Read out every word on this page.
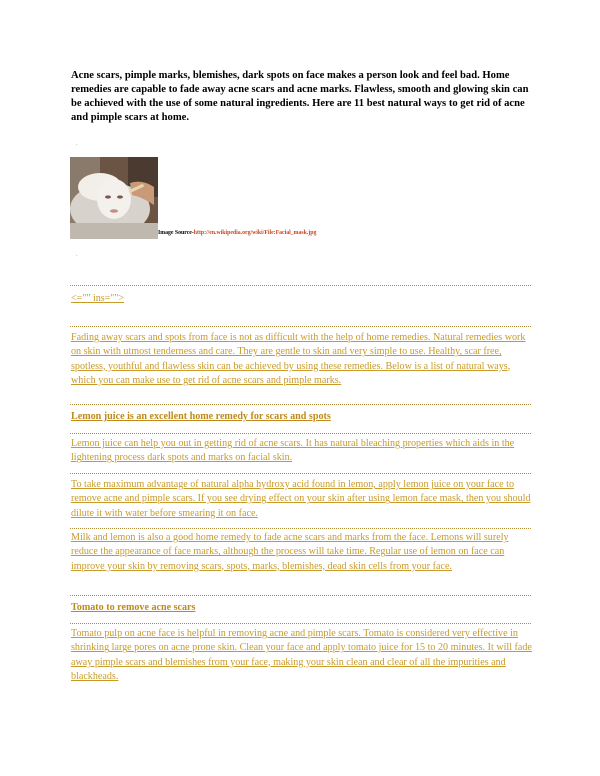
Acne scars, pimple marks, blemishes, dark spots on face makes a person look and feel bad. Home remedies are capable to fade away acne scars and acne marks. Flawless, smooth and glowing skin can be achieved with the use of some natural ingredients. Here are 11 best natural ways to get rid of acne and pimple scars at home.

.
Image Source-http://en.wikipedia.org/wiki/File:Facial_mask.jpg
.
<="" ins="">

Fading away scars and spots from face is not as difficult with the help of home remedies. Natural remedies work on skin with utmost tenderness and care. They are gentle to skin and very simple to use. Healthy, scar free, spotless, youthful and flawless skin can be achieved by using these remedies. Below is a list of natural ways, which you can make use to get rid of acne scars and pimple marks.

Lemon juice is an excellent home remedy for scars and spots

Lemon juice can help you out in getting rid of acne scars. It has natural bleaching properties which aids in the lightening process dark spots and marks on facial skin.

To take maximum advantage of natural alpha hydroxy acid found in lemon, apply lemon juice on your face to remove acne and pimple scars. If you see drying effect on your skin after using lemon face mask, then you should dilute it with water before smearing it on face.

Milk and lemon is also a good home remedy to fade acne scars and marks from the face. Lemons will surely reduce the appearance of face marks, although the process will take time. Regular use of lemon on face can improve your skin by removing scars, spots, marks, blemishes, dead skin cells from your face.

Tomato to remove acne scars

Tomato pulp on acne face is helpful in removing acne and pimple scars. Tomato is considered very effective in shrinking large pores on acne prone skin. Clean your face and apply tomato juice for 15 to 20 minutes. It will fade away pimple scars and blemishes from your face, making your skin clean and clear of all the impurities and blackheads.
